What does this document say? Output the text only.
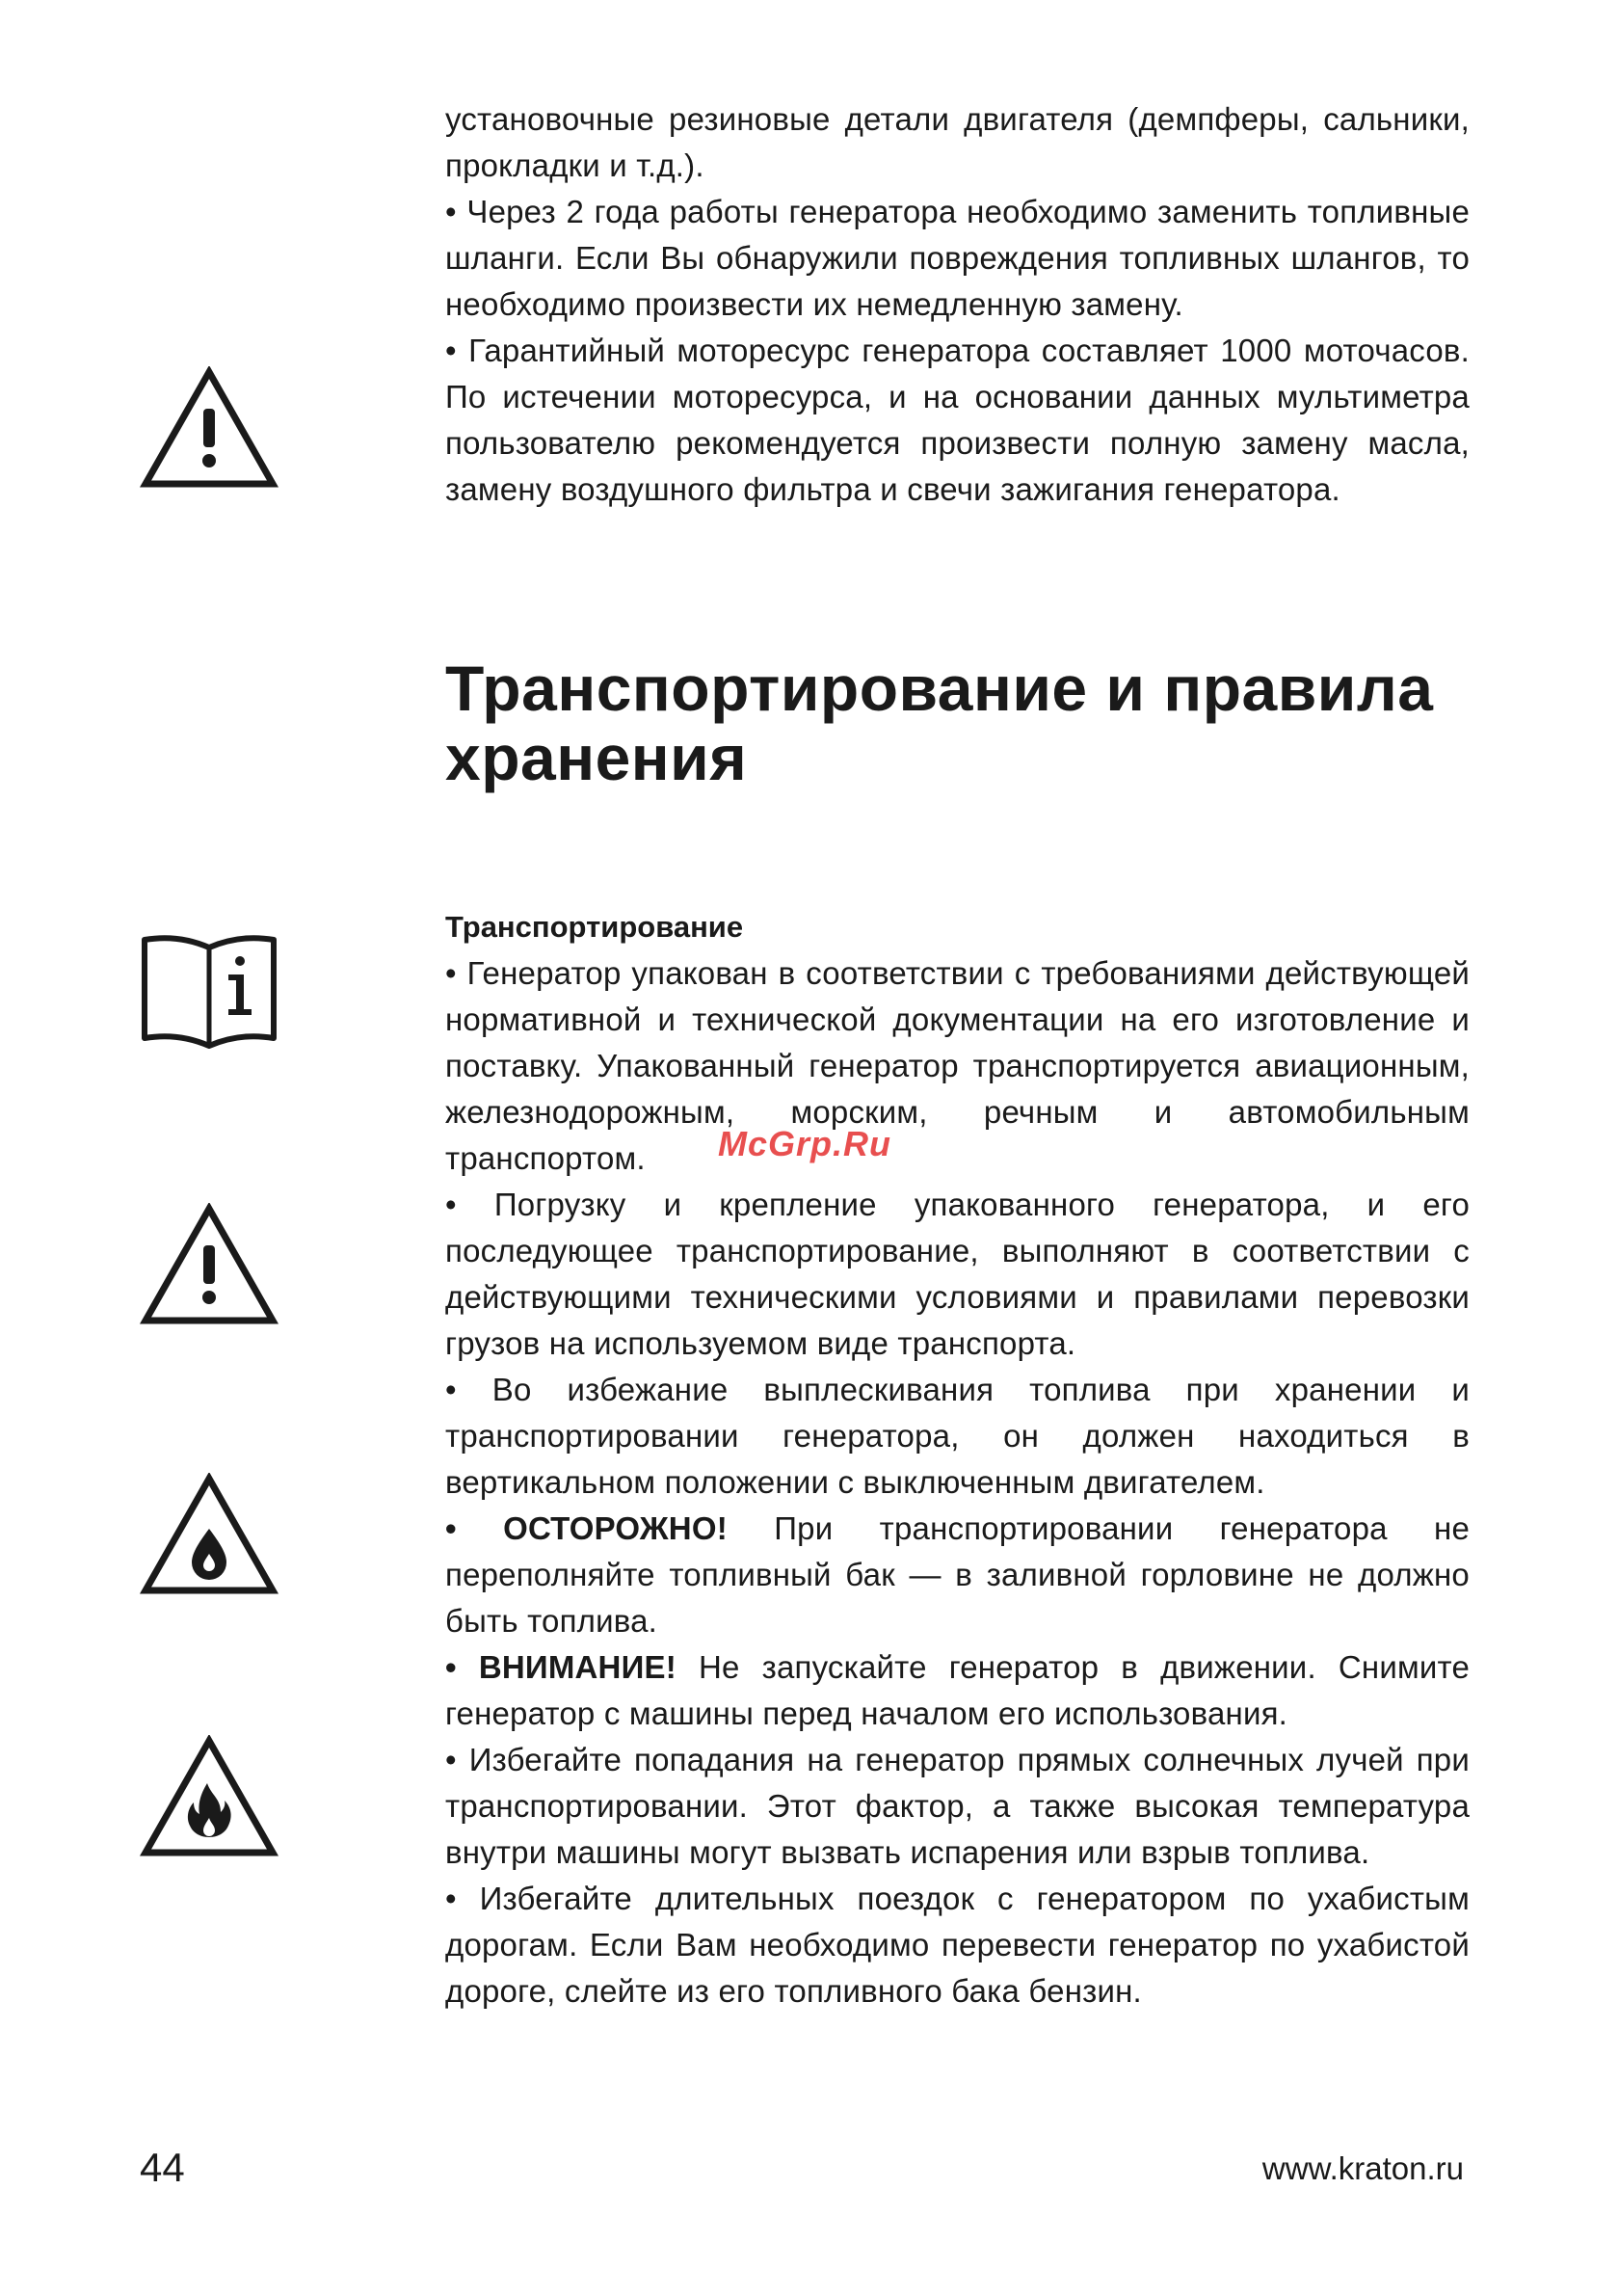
установочные резиновые детали двигателя (демпферы, сальники, прокладки и т.д.).

• Через 2 года работы генератора необходимо заменить топливные шланги. Если Вы обнаружили повреждения топливных шлангов, то необходимо произвести их немедленную замену.

• Гарантийный моторесурс генератора составляет 1000 моточасов. По истечении моторесурса, и на основании данных мультиметра пользователю рекомендуется произвести полную замену масла, замену воздушного фильтра и свечи зажигания генератора.

Транспортирование и правила хранения

Транспортирование

• Генератор упакован в соответствии с требованиями действующей нормативной и технической документации на его изготовление и поставку. Упакованный генератор транспортируется авиационным, железнодорожным, морским, речным и автомобильным транспортом.

• Погрузку и крепление упакованного генератора, и его последующее транспортирование, выполняют в соответствии с действующими техническими условиями и правилами перевозки грузов на используемом виде транспорта.

• Во избежание выплескивания топлива при хранении и транспортировании генератора, он должен находиться в вертикальном положении с выключенным двигателем.

• ОСТОРОЖНО! При транспортировании генератора не переполняйте топливный бак — в заливной горловине не должно быть топлива.

• ВНИМАНИЕ! Не запускайте генератор в движении. Снимите генератор с машины перед началом его использования.

• Избегайте попадания на генератор прямых солнечных лучей при транспортировании. Этот фактор, а также высокая температура внутри машины могут вызвать испарения или взрыв топлива.

• Избегайте длительных поездок с генератором по ухабистым дорогам. Если Вам необходимо перевести генератор по ухабистой дороге, слейте из его топливного бака бензин.

McGrp.Ru
44	www.kraton.ru
